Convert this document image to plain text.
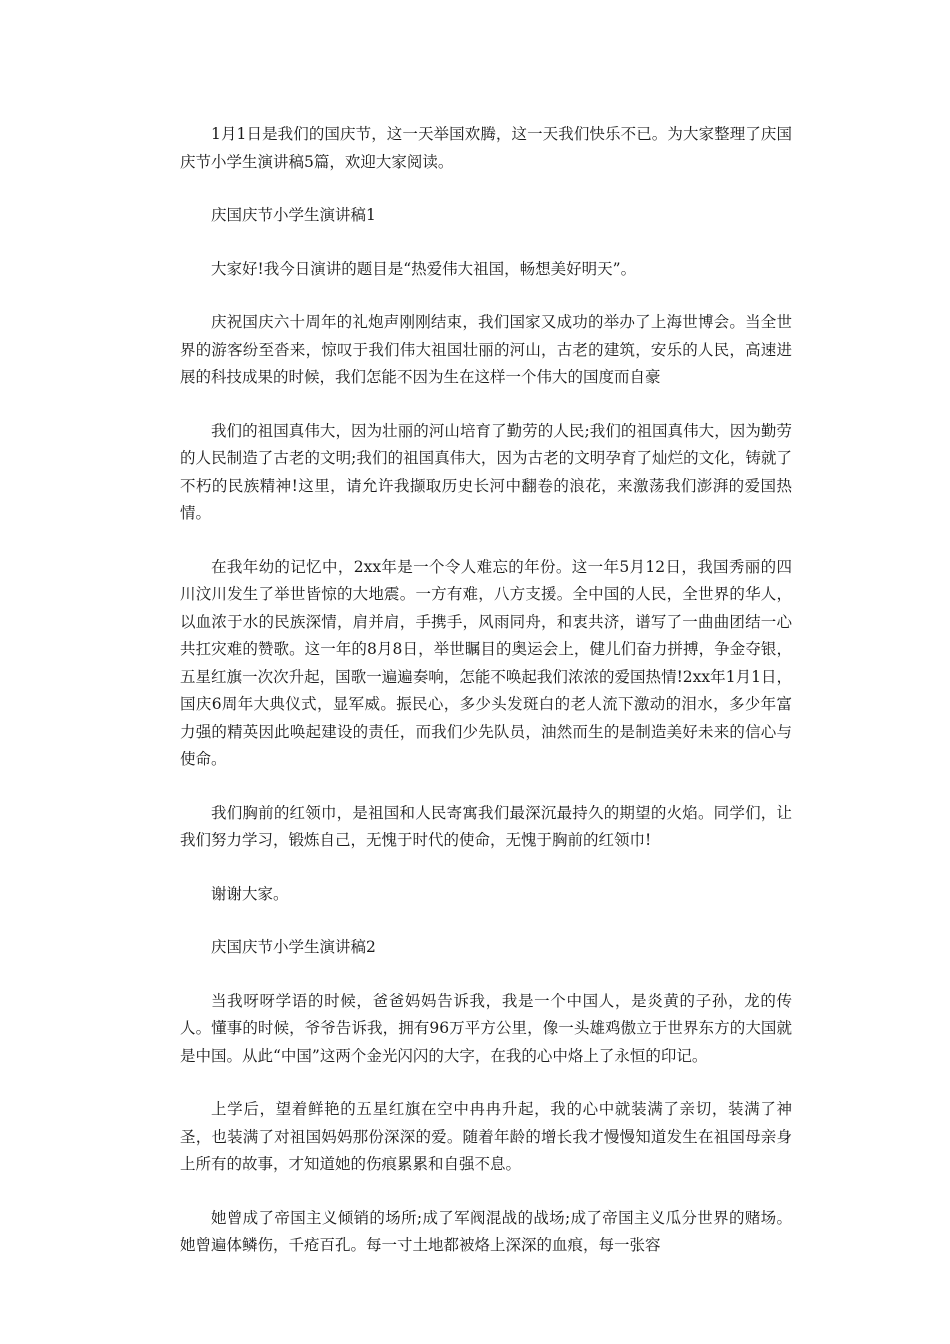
1月1日是我们的国庆节，这一天举国欢腾，这一天我们快乐不已。为大家整理了庆国庆节小学生演讲稿5篇，欢迎大家阅读。

庆国庆节小学生演讲稿1

大家好!我今日演讲的题目是“热爱伟大祖国，畅想美好明天”。

庆祝国庆六十周年的礼炮声刚刚结束，我们国家又成功的举办了上海世博会。当全世界的游客纷至沓来，惊叹于我们伟大祖国壮丽的河山，古老的建筑，安乐的人民，高速进展的科技成果的时候，我们怎能不因为生在这样一个伟大的国度而自豪

我们的祖国真伟大，因为壮丽的河山培育了勤劳的人民;我们的祖国真伟大，因为勤劳的人民制造了古老的文明;我们的祖国真伟大，因为古老的文明孕育了灿烂的文化，铸就了不朽的民族精神!这里，请允许我撷取历史长河中翻卷的浪花，来激荡我们澎湃的爱国热情。

在我年幼的记忆中，2xx年是一个令人难忘的年份。这一年5月12日，我国秀丽的四川汶川发生了举世皆惊的大地震。一方有难，八方支援。全中国的人民，全世界的华人，以血浓于水的民族深情，肩并肩，手携手，风雨同舟，和衷共济，谱写了一曲曲团结一心共扛灾难的赞歌。这一年的8月8日，举世瞩目的奥运会上，健儿们奋力拼搏，争金夺银，五星红旗一次次升起，国歌一遍遍奏响，怎能不唤起我们浓浓的爱国热情!2xx年1月1日，国庆6周年大典仪式，显军威。振民心，多少头发斑白的老人流下激动的泪水，多少年富力强的精英因此唤起建设的责任，而我们少先队员，油然而生的是制造美好未来的信心与使命。

我们胸前的红领巾，是祖国和人民寄寓我们最深沉最持久的期望的火焰。同学们，让我们努力学习，锻炼自己，无愧于时代的使命，无愧于胸前的红领巾!

谢谢大家。

庆国庆节小学生演讲稿2

当我呀呀学语的时候，爸爸妈妈告诉我，我是一个中国人，是炎黄的子孙，龙的传人。懂事的时候，爷爷告诉我，拥有96万平方公里，像一头雄鸡傲立于世界东方的大国就是中国。从此“中国”这两个金光闪闪的大字，在我的心中烙上了永恒的印记。

上学后，望着鲜艳的五星红旗在空中冉冉升起，我的心中就装满了亲切，装满了神圣，也装满了对祖国妈妈那份深深的爱。随着年龄的增长我才慢慢知道发生在祖国母亲身上所有的故事，才知道她的伤痕累累和自强不息。

她曾成了帝国主义倾销的场所;成了军阀混战的战场;成了帝国主义瓜分世界的赌场。她曾遍体鳞伤，千疮百孔。每一寸土地都被烙上深深的血痕，每一张容
